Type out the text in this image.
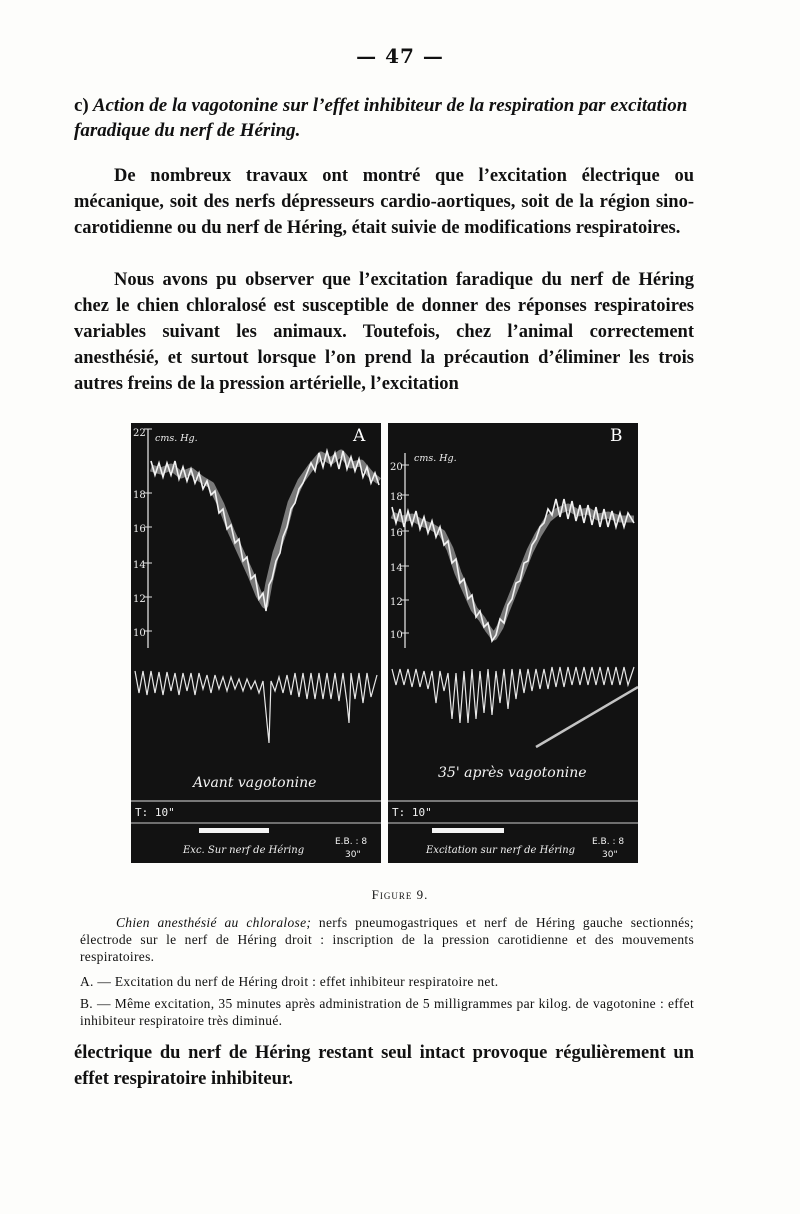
— 47 —
c) Action de la vagotonine sur l’effet inhibiteur de la respiration par excitation faradique du nerf de Héring.
De nombreux travaux ont montré que l’excitation électrique ou mécanique, soit des nerfs dépresseurs cardio-aortiques, soit de la région sino-carotidienne ou du nerf de Héring, était suivie de modifications respiratoires.
Nous avons pu observer que l’excitation faradique du nerf de Héring chez le chien chloralosé est susceptible de donner des réponses respiratoires variables suivant les animaux. Toutefois, chez l’animal correctement anesthésié, et surtout lorsque l’on prend la précaution d’éliminer les trois autres freins de la pression artérielle, l’excitation
22
18
16
14
12
10
cms. Hg.	A
Avant vagotonine
T: 10"
Exc. Sur nerf de Héring
E.B. : 8
30"
20
18
16
14
12
10
cms. Hg.
B
35' après vagotonine
T: 10"
Excitation sur nerf de Héring
E.B. : 8
30"
Figure 9.
Chien anesthésié au chloralose; nerfs pneumogastriques et nerf de Héring gauche sectionnés; électrode sur le nerf de Héring droit : inscription de la pression carotidienne et des mouvements respiratoires.
A. — Excitation du nerf de Héring droit : effet inhibiteur respiratoire net.
B. — Même excitation, 35 minutes après administration de 5 milligrammes par kilog. de vagotonine : effet inhibiteur respiratoire très diminué.
électrique du nerf de Héring restant seul intact provoque régulièrement un effet respiratoire inhibiteur.
